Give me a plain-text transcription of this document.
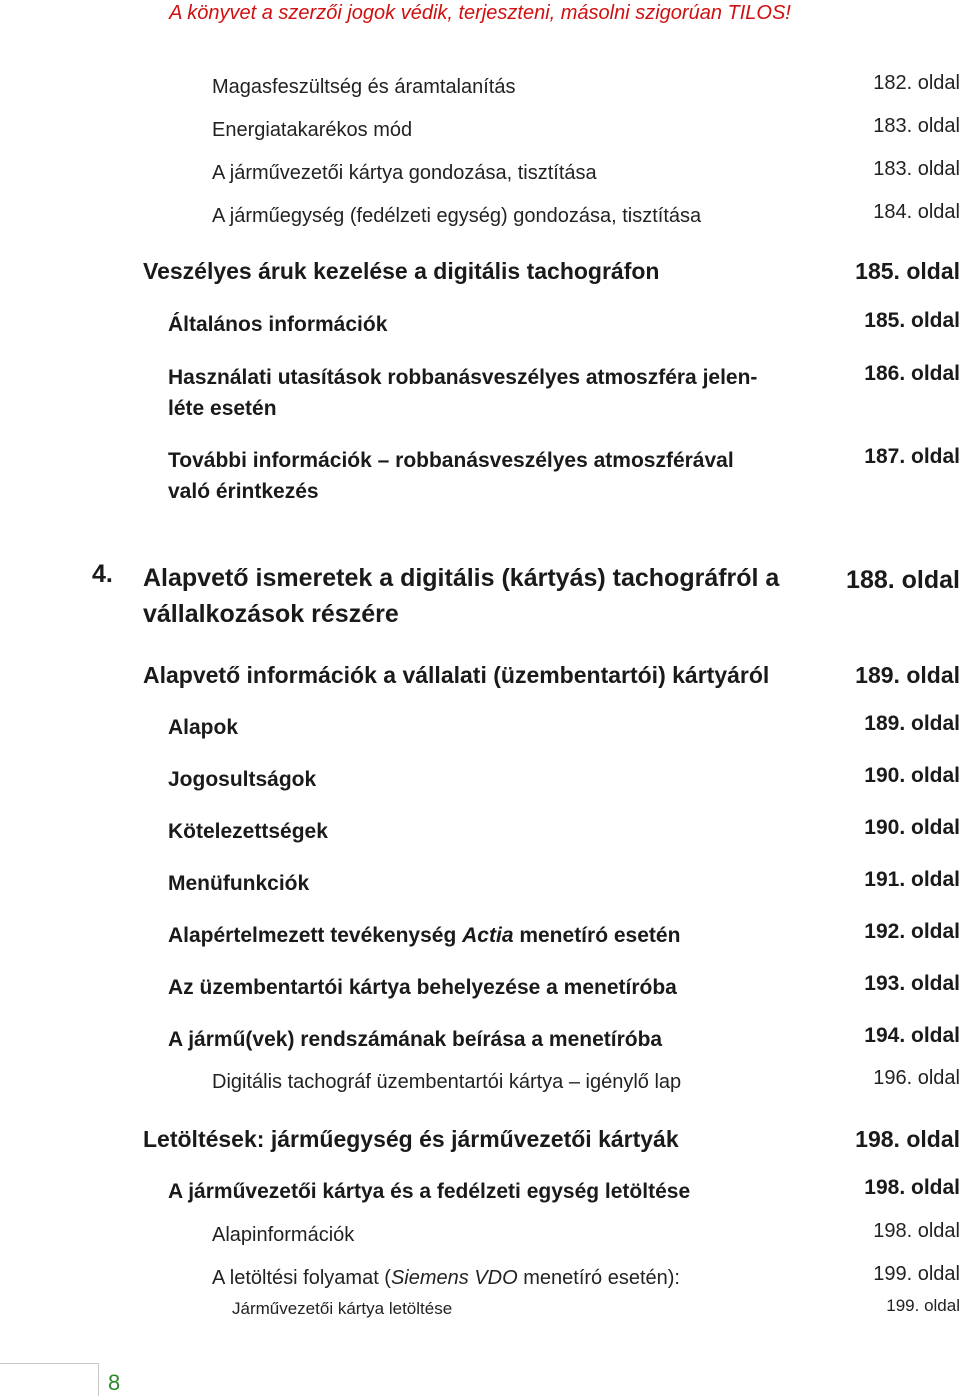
A könyvet a szerzői jogok védik, terjeszteni, másolni szigorúan TILOS!
Magasfeszültség és áramtalanítás	182. oldal
Energiatakarékos mód	183. oldal
A járművezetői kártya gondozása, tisztítása	183. oldal
A járműegység (fedélzeti egység) gondozása, tisztítása	184. oldal
Veszélyes áruk kezelése a digitális tachográfon	185. oldal
Általános információk	185. oldal
Használati utasítások robbanásveszélyes atmoszféra jelen-
léte esetén
186. oldal
További információk – robbanásveszélyes atmoszférával
való érintkezés
187. oldal
4. Alapvető ismeretek a digitális (kártyás) tachográfról a
vállalkozások részére
188. oldal
Alapvető információk a vállalati (üzembentartói) kártyáról	189. oldal
Alapok	189. oldal
Jogosultságok	190. oldal
Kötelezettségek	190. oldal
Menüfunkciók	191. oldal
Alapértelmezett tevékenység Actia menetíró esetén	192. oldal
Az üzembentartói kártya behelyezése a menetíróba	193. oldal
A jármű(vek) rendszámának beírása a menetíróba	194. oldal
Digitális tachográf üzembentartói kártya – igénylő lap	196. oldal
Letöltések: járműegység és járművezetői kártyák	198. oldal
A járművezetői kártya és a fedélzeti egység letöltése	198. oldal
Alapinformációk	198. oldal
A letöltési folyamat (Siemens VDO menetíró esetén):	199. oldal
Járművezetői kártya letöltése	199. oldal
8
